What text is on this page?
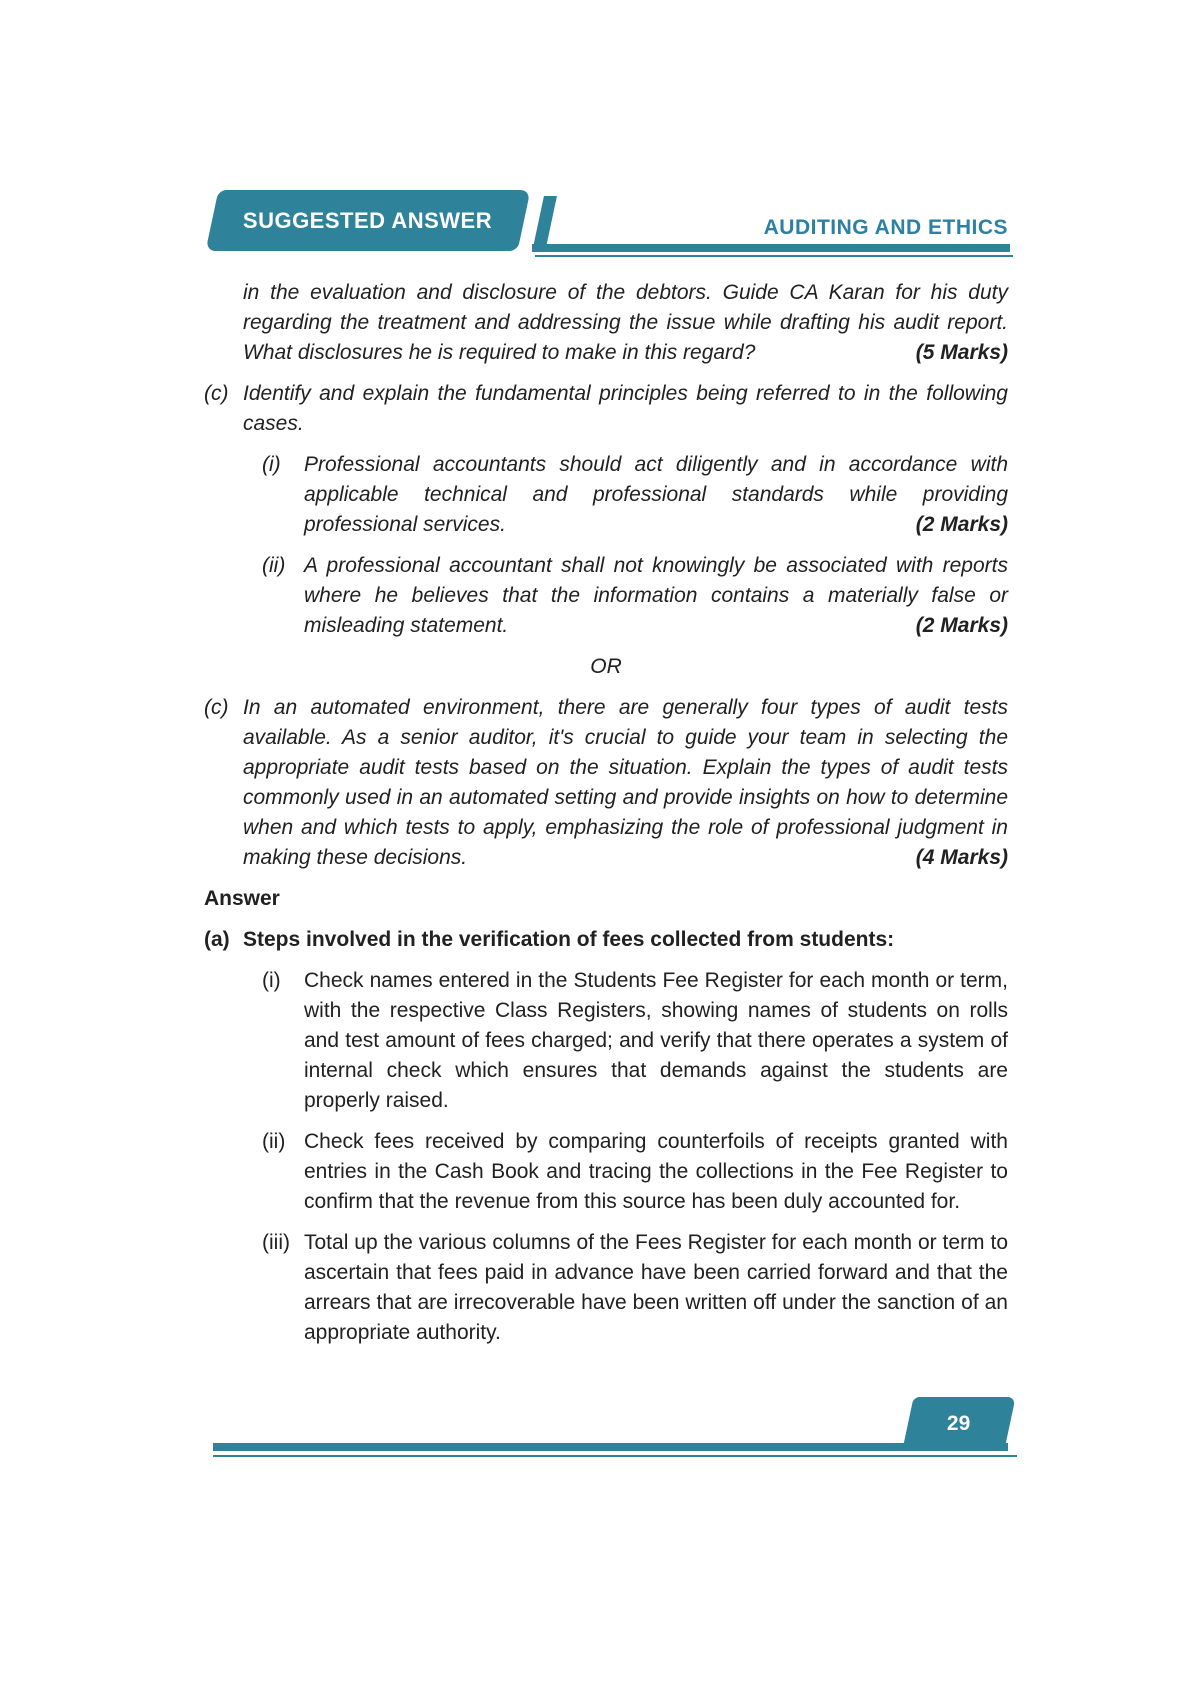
SUGGESTED ANSWER	AUDITING AND ETHICS
in the evaluation and disclosure of the debtors. Guide CA Karan for his duty regarding the treatment and addressing the issue while drafting his audit report. What disclosures he is required to make in this regard?	(5 Marks)
(c) Identify and explain the fundamental principles being referred to in the following cases.
(i)	Professional accountants should act diligently and in accordance with applicable technical and professional standards while providing professional services.	(2 Marks)
(ii) A professional accountant shall not knowingly be associated with reports where he believes that the information contains a materially false or misleading statement.	(2 Marks)
OR
(c) In an automated environment, there are generally four types of audit tests available. As a senior auditor, it's crucial to guide your team in selecting the appropriate audit tests based on the situation. Explain the types of audit tests commonly used in an automated setting and provide insights on how to determine when and which tests to apply, emphasizing the role of professional judgment in making these decisions.	(4 Marks)
Answer
(a) Steps involved in the verification of fees collected from students:
(i)	Check names entered in the Students Fee Register for each month or term, with the respective Class Registers, showing names of students on rolls and test amount of fees charged; and verify that there operates a system of internal check which ensures that demands against the students are properly raised.
(ii) Check fees received by comparing counterfoils of receipts granted with entries in the Cash Book and tracing the collections in the Fee Register to confirm that the revenue from this source has been duly accounted for.
(iii) Total up the various columns of the Fees Register for each month or term to ascertain that fees paid in advance have been carried forward and that the arrears that are irrecoverable have been written off under the sanction of an appropriate authority.
29
